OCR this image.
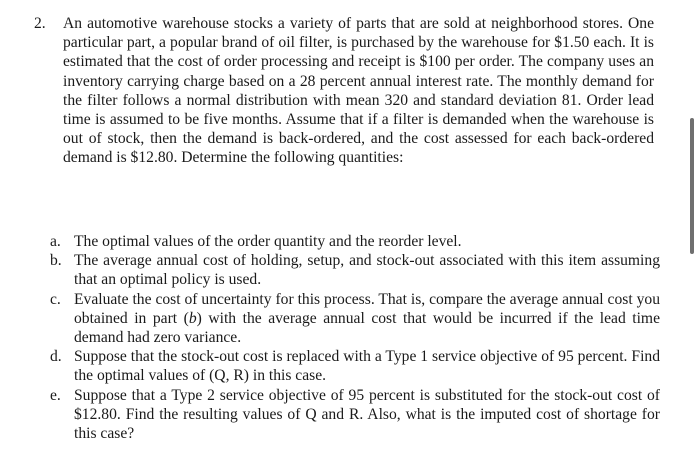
2. An automotive warehouse stocks a variety of parts that are sold at neighborhood stores. One particular part, a popular brand of oil filter, is purchased by the warehouse for $1.50 each. It is estimated that the cost of order processing and receipt is $100 per order. The company uses an inventory carrying charge based on a 28 percent annual interest rate. The monthly demand for the filter follows a normal distribution with mean 320 and standard deviation 81. Order lead time is assumed to be five months. Assume that if a filter is demanded when the warehouse is out of stock, then the demand is back-ordered, and the cost assessed for each back-ordered demand is $12.80. Determine the following quantities:
a. The optimal values of the order quantity and the reorder level.
b. The average annual cost of holding, setup, and stock-out associated with this item assuming that an optimal policy is used.
c. Evaluate the cost of uncertainty for this process. That is, compare the average annual cost you obtained in part (b) with the average annual cost that would be incurred if the lead time demand had zero variance.
d. Suppose that the stock-out cost is replaced with a Type 1 service objective of 95 percent. Find the optimal values of (Q, R) in this case.
e. Suppose that a Type 2 service objective of 95 percent is substituted for the stock-out cost of $12.80. Find the resulting values of Q and R. Also, what is the imputed cost of shortage for this case?
